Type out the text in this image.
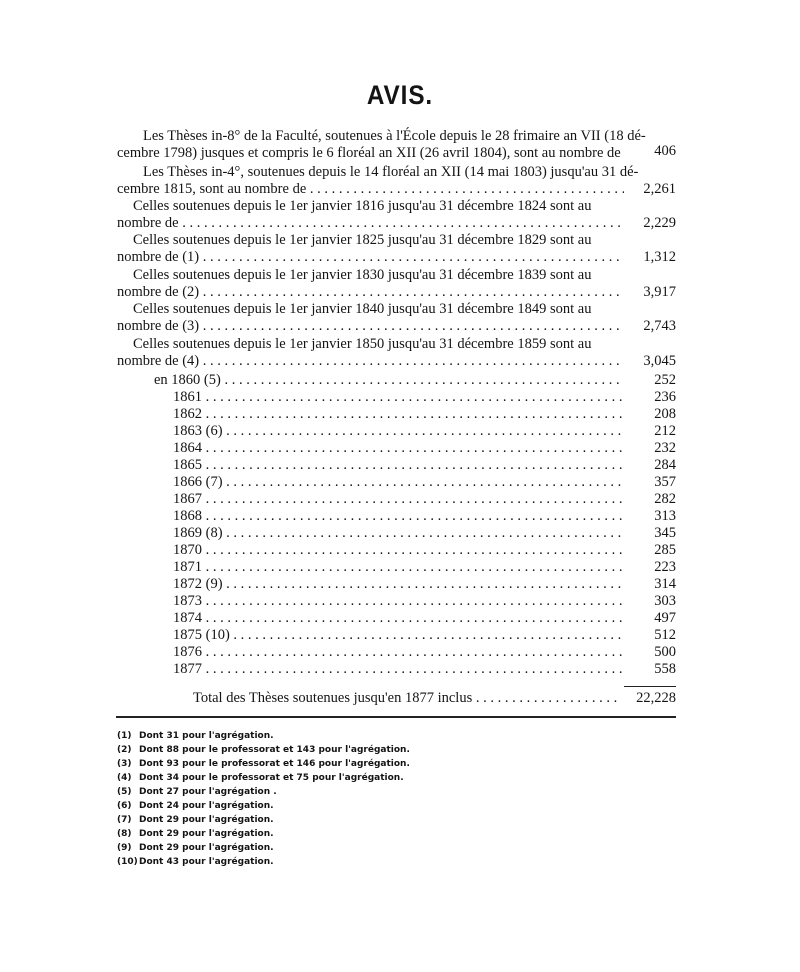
AVIS.
Les Thèses in-8° de la Faculté, soutenues à l'École depuis le 28 frimaire an VII (18 dé-
cembre 1798) jusques et compris le 6 floréal an XII (26 avril 1804), sont au nombre de	406
Les Thèses in-4°, soutenues depuis le 14 floréal an XII (14 mai 1803) jusqu'au 31 dé-
cembre 1815, sont au nombre de . . .	2,261
Celles soutenues depuis le 1er janvier 1816 jusqu'au 31 décembre 1824 sont au
nombre de . . .	2,229
Celles soutenues depuis le 1er janvier 1825 jusqu'au 31 décembre 1829 sont au
nombre de (1) . . .	1,312
Celles soutenues depuis le 1er janvier 1830 jusqu'au 31 décembre 1839 sont au
nombre de (2) . . .	3,917
Celles soutenues depuis le 1er janvier 1840 jusqu'au 31 décembre 1849 sont au
nombre de (3) . . .	2,743
Celles soutenues depuis le 1er janvier 1850 jusqu'au 31 décembre 1859 sont au
nombre de (4) . . .	3,045
en 1860 (5) . . .	252
1861 . . .	236
1862 . . .	208
1863 (6) . . .	212
1864 . . .	232
1865 . . .	284
1866 (7) . . .	357
1867 . . .	282
1868 . . .	313
1869 (8) . . .	345
1870 . . .	285
1871 . . .	223
1872 (9) . . .	314
1873 . . .	303
1874 . . .	497
1875 (10) . . .	512
1876 . . .	500
1877 . . .	558
Total des Thèses soutenues jusqu'en 1877 inclus . . .	22,228
(1) Dont 31 pour l'agrégation.
(2) Dont 88 pour le professorat et 143 pour l'agrégation.
(3) Dont 93 pour le professorat et 146 pour l'agrégation.
(4) Dont 34 pour le professorat et 75 pour l'agrégation.
(5) Dont 27 pour l'agrégation .
(6) Dont 24 pour l'agrégation.
(7) Dont 29 pour l'agrégation.
(8) Dont 29 pour l'agrégation.
(9) Dont 29 pour l'agrégation.
(10)Dont 43 pour l'agrégation.
